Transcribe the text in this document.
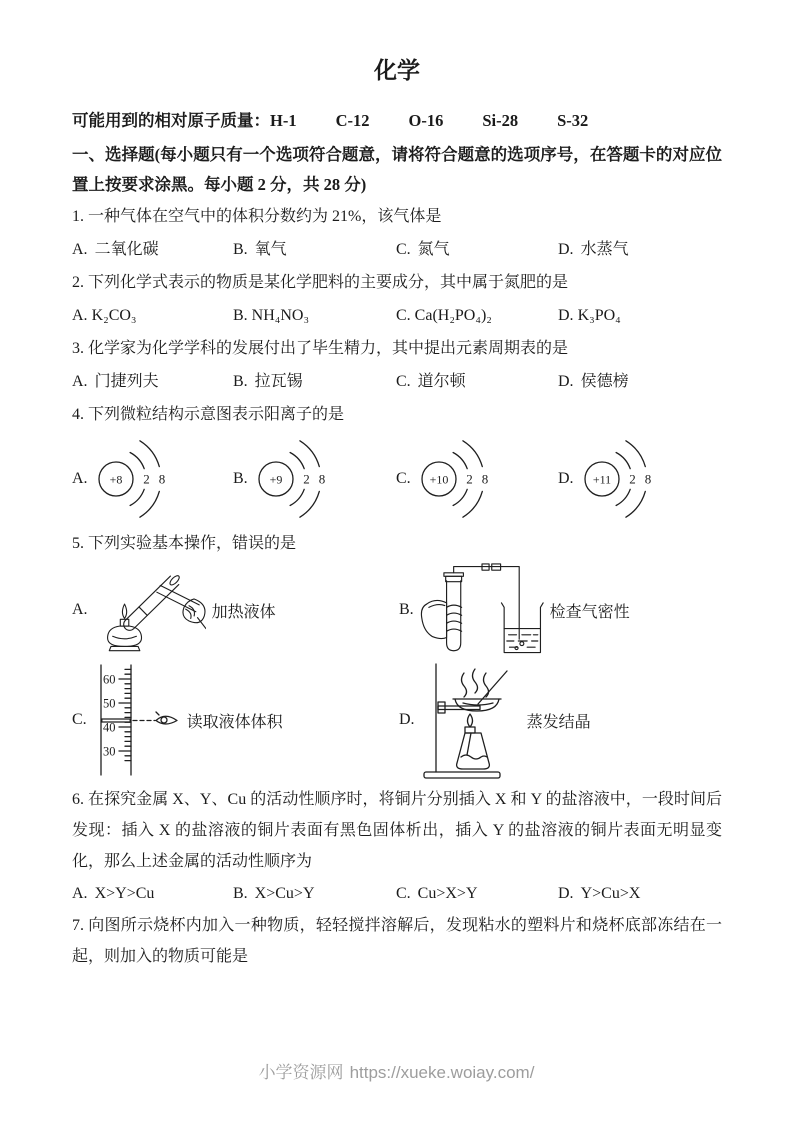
化学
可能用到的相对原子质量：H-1 C-12 O-16 Si-28 S-32
一、选择题(每小题只有一个选项符合题意，请将符合题意的选项序号，在答题卡的对应位置上按要求涂黑。每小题 2 分，共 28 分)
1. 一种气体在空气中的体积分数约为 21%，该气体是
A. 二氧化碳	B. 氧气	C. 氮气	D. 水蒸气
2. 下列化学式表示的物质是某化学肥料的主要成分，其中属于氮肥的是
A. K₂CO₃	B. NH₄NO₃	C. Ca(H₂PO₄)₂	D. K₃PO₄
3. 化学家为化学学科的发展付出了毕生精力，其中提出元素周期表的是
A. 门捷列夫	B. 拉瓦锡	C. 道尔顿	D. 侯德榜
4. 下列微粒结构示意图表示阳离子的是
A. +8 2 8	B. +9 2 8	C. +10 2 8	D. +11 2 8
5. 下列实验基本操作，错误的是
A.	加热液体	B.	检查气密性
C.
60
50
40
30
读取液体体积	D.	蒸发结晶
6. 在探究金属 X、Y、Cu 的活动性顺序时，将铜片分别插入 X 和 Y 的盐溶液中，一段时间后发现：插入 X 的盐溶液的铜片表面有黑色固体析出，插入 Y 的盐溶液的铜片表面无明显变化，那么上述金属的活动性顺序为
A. X>Y>Cu	B. X>Cu>Y	C. Cu>X>Y	D. Y>Cu>X
7. 向图所示烧杯内加入一种物质，轻轻搅拌溶解后，发现粘水的塑料片和烧杯底部冻结在一起，则加入的物质可能是
小学资源网 https://xueke.woiay.com/
